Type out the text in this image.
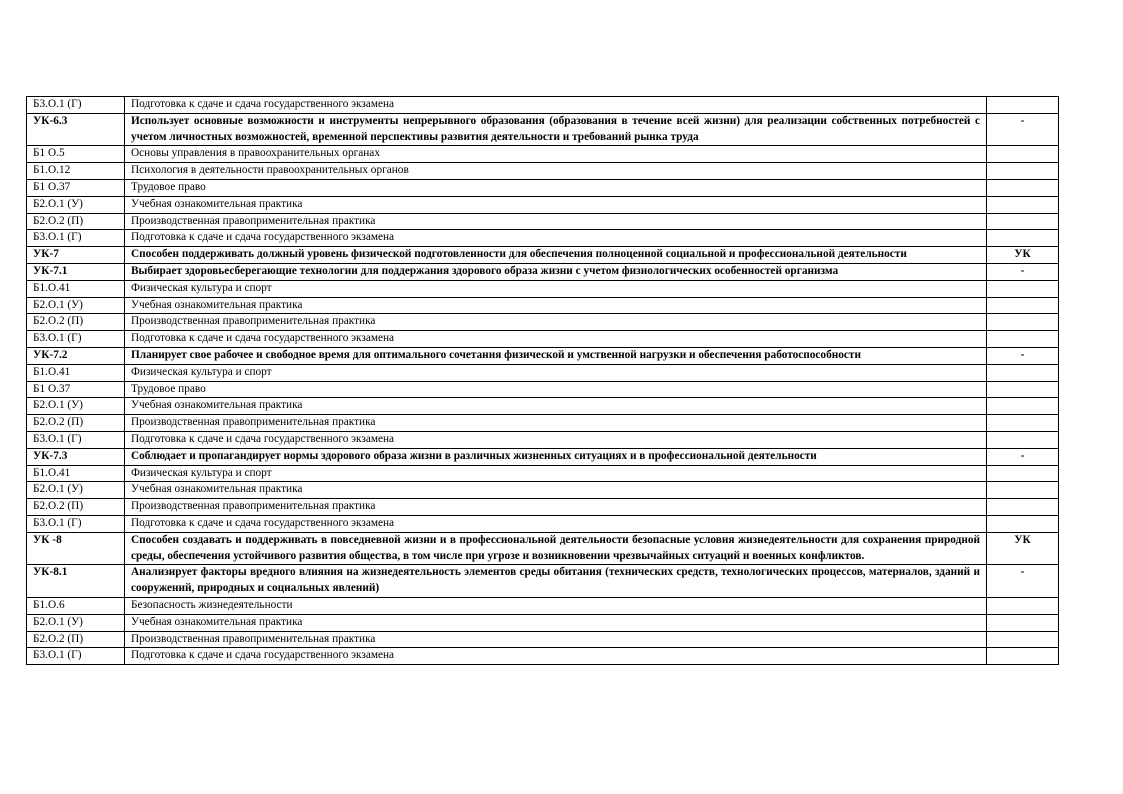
Б3.О.1 (Г)	Подготовка к сдаче и сдача государственного экзамена	
УК-6.3	Использует основные возможности и инструменты непрерывного образования (образования в течение всей жизни) для реализации собственных потребностей с учетом личностных возможностей, временной перспективы развития деятельности и требований рынка труда	-
Б1 О.5	Основы управления в правоохранительных органах	
Б1.О.12	Психология в деятельности правоохранительных органов	
Б1 О.37	Трудовое право	
Б2.О.1 (У)	Учебная ознакомительная практика	
Б2.О.2 (П)	Производственная правоприменительная практика	
Б3.О.1 (Г)	Подготовка к сдаче и сдача государственного экзамена	
УК-7	Способен поддерживать должный уровень физической подготовленности для обеспечения полноценной социальной и профессиональной деятельности	УК
УК-7.1	Выбирает здоровьесберегающие технологии для поддержания здорового образа жизни с учетом физиологических особенностей организма	-
Б1.О.41	Физическая культура и спорт	
Б2.О.1 (У)	Учебная ознакомительная практика	
Б2.О.2 (П)	Производственная правоприменительная практика	
Б3.О.1 (Г)	Подготовка к сдаче и сдача государственного экзамена	
УК-7.2	Планирует свое рабочее и свободное время для оптимального сочетания физической и умственной нагрузки и обеспечения работоспособности	-
Б1.О.41	Физическая культура и спорт	
Б1 О.37	Трудовое право	
Б2.О.1 (У)	Учебная ознакомительная практика	
Б2.О.2 (П)	Производственная правоприменительная практика	
Б3.О.1 (Г)	Подготовка к сдаче и сдача государственного экзамена	
УК-7.3	Соблюдает и пропагандирует нормы здорового образа жизни в различных жизненных ситуациях и в профессиональной деятельности	-
Б1.О.41	Физическая культура и спорт	
Б2.О.1 (У)	Учебная ознакомительная практика	
Б2.О.2 (П)	Производственная правоприменительная практика	
Б3.О.1 (Г)	Подготовка к сдаче и сдача государственного экзамена	
УК -8	Способен создавать и поддерживать в повседневной жизни и в профессиональной деятельности безопасные условия жизнедеятельности для сохранения природной среды, обеспечения устойчивого развития общества, в том числе при угрозе и возникновении чрезвычайных ситуаций и военных конфликтов.	УК
УК-8.1	Анализирует факторы вредного влияния на жизнедеятельность элементов среды обитания (технических средств, технологических процессов, материалов, зданий и сооружений, природных и социальных явлений)	-
Б1.О.6	Безопасность жизнедеятельности	
Б2.О.1 (У)	Учебная ознакомительная практика	
Б2.О.2 (П)	Производственная правоприменительная практика	
Б3.О.1 (Г)	Подготовка к сдаче и сдача государственного экзамена	
